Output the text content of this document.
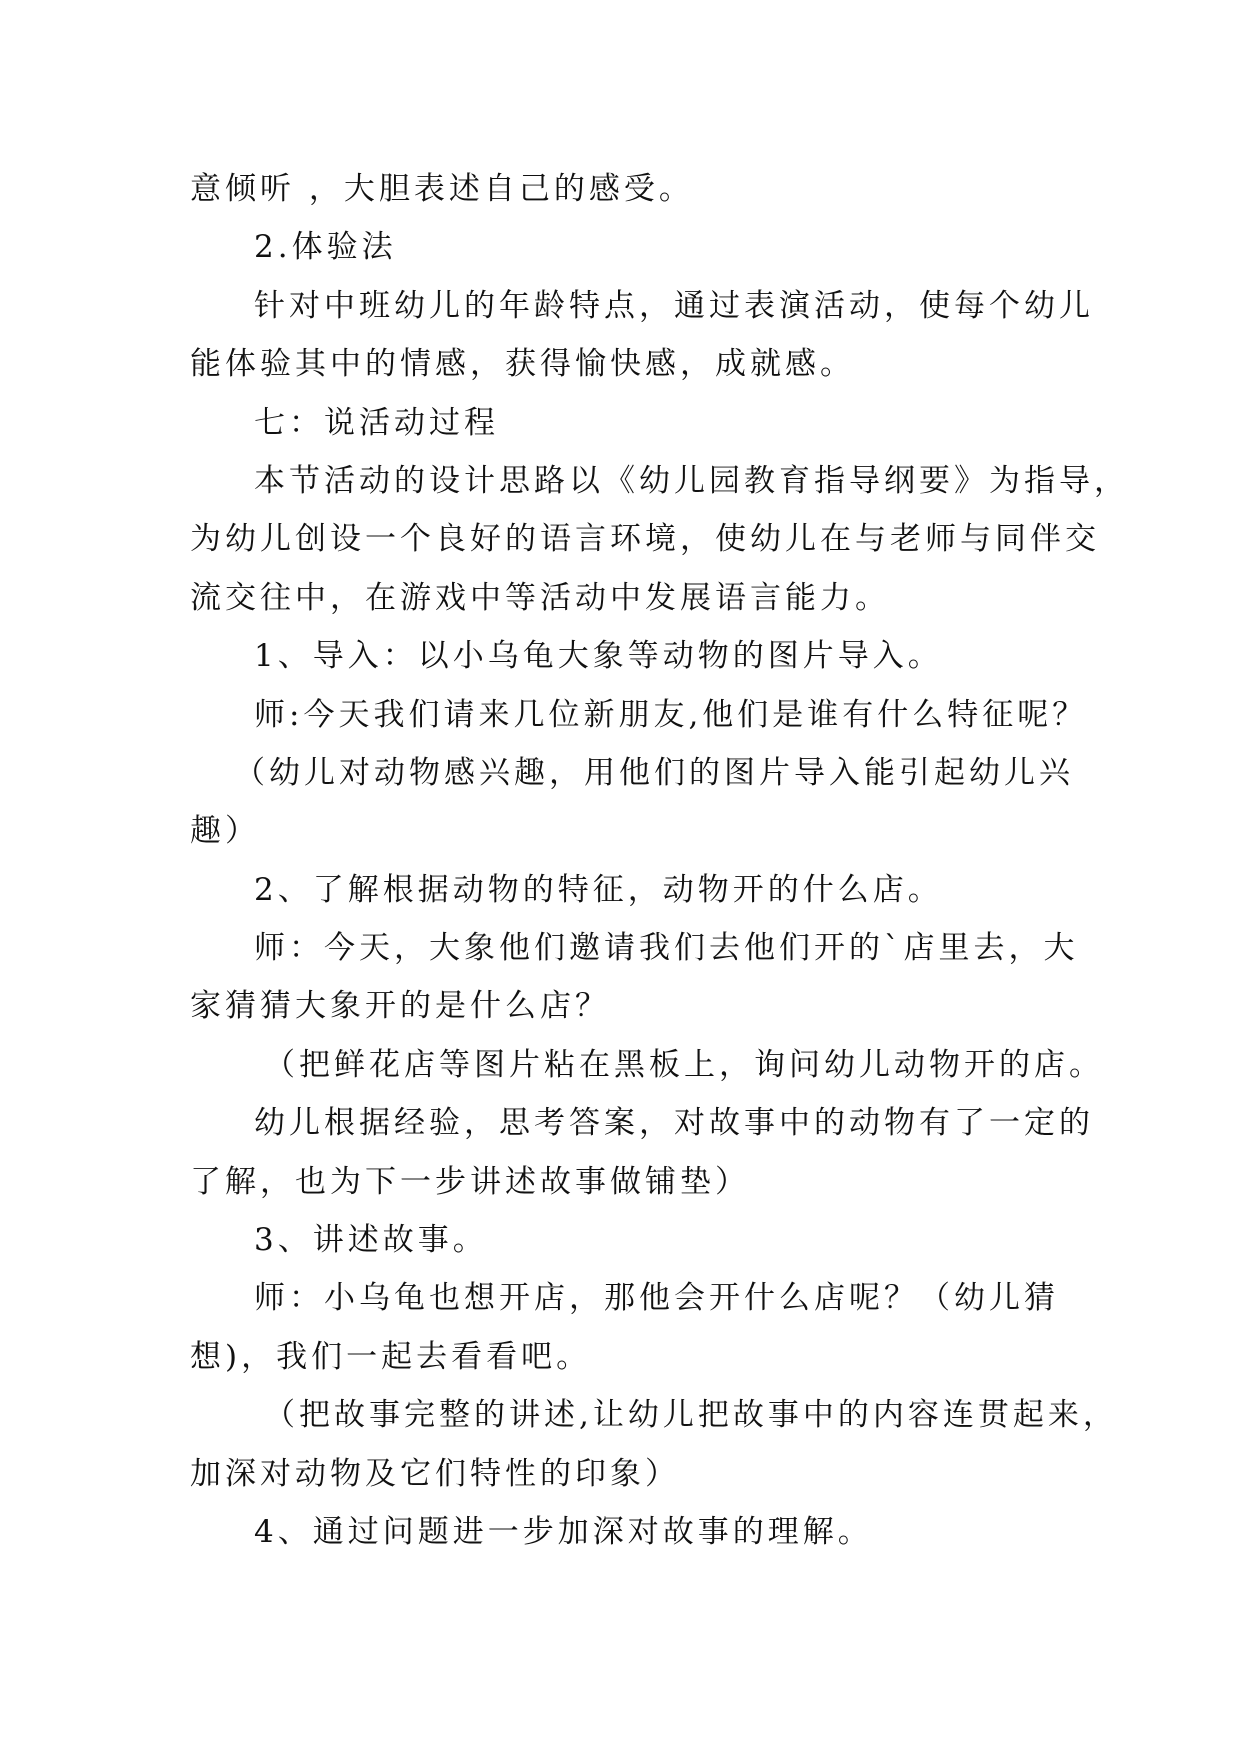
意倾听 ，大胆表述自己的感受。
2.体验法
针对中班幼儿的年龄特点，通过表演活动，使每个幼儿
能体验其中的情感，获得愉快感，成就感。
七：说活动过程
本节活动的设计思路以《幼儿园教育指导纲要》为指导，
为幼儿创设一个良好的语言环境，使幼儿在与老师与同伴交
流交往中，在游戏中等活动中发展语言能力。
1、导入：以小乌龟大象等动物的图片导入。
师:今天我们请来几位新朋友,他们是谁有什么特征呢？
（幼儿对动物感兴趣，用他们的图片导入能引起幼儿兴
趣）
2、了解根据动物的特征，动物开的什么店。
师：今天，大象他们邀请我们去他们开的`店里去，大
家猜猜大象开的是什么店？
（把鲜花店等图片粘在黑板上，询问幼儿动物开的店。
幼儿根据经验，思考答案，对故事中的动物有了一定的
了解，也为下一步讲述故事做铺垫）
3、讲述故事。
师：小乌龟也想开店，那他会开什么店呢？（幼儿猜
想)，我们一起去看看吧。
（把故事完整的讲述,让幼儿把故事中的内容连贯起来，
加深对动物及它们特性的印象）
4、通过问题进一步加深对故事的理解。
